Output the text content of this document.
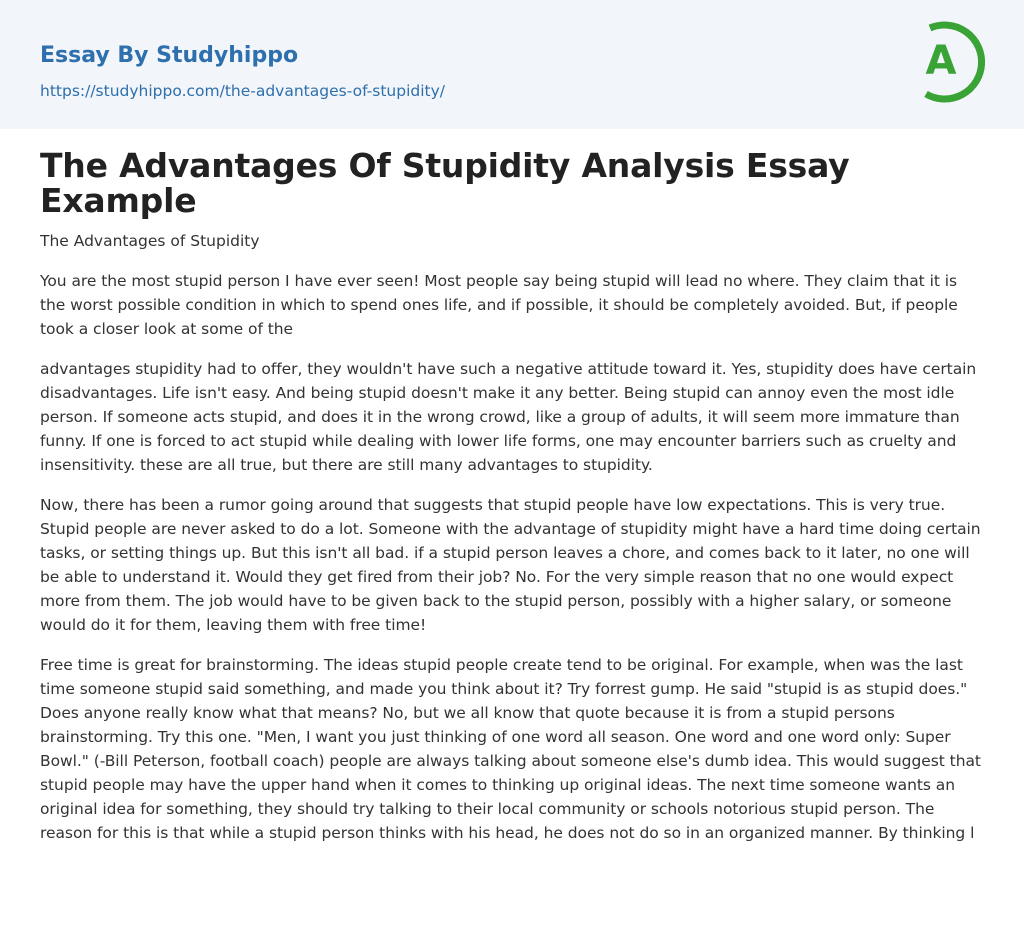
Essay By Studyhippo
https://studyhippo.com/the-advantages-of-stupidity/
A
The Advantages Of Stupidity Analysis Essay Example

The Advantages of Stupidity

You are the most stupid person I have ever seen! Most people say being stupid will lead no where. They claim that it is the worst possible condition in which to spend ones life, and if possible, it should be completely avoided. But, if people took a closer look at some of the

advantages stupidity had to offer, they wouldn't have such a negative attitude toward it. Yes, stupidity does have certain disadvantages. Life isn't easy. And being stupid doesn't make it any better. Being stupid can annoy even the most idle person. If someone acts stupid, and does it in the wrong crowd, like a group of adults, it will seem more immature than funny. If one is forced to act stupid while dealing with lower life forms, one may encounter barriers such as cruelty and insensitivity. these are all true, but there are still many advantages to stupidity.

Now, there has been a rumor going around that suggests that stupid people have low expectations. This is very true. Stupid people are never asked to do a lot. Someone with the advantage of stupidity might have a hard time doing certain tasks, or setting things up. But this isn't all bad. if a stupid person leaves a chore, and comes back to it later, no one will be able to understand it. Would they get fired from their job? No. For the very simple reason that no one would expect more from them. The job would have to be given back to the stupid person, possibly with a higher salary, or someone would do it for them, leaving them with free time!

Free time is great for brainstorming. The ideas stupid people create tend to be original. For example, when was the last time someone stupid said something, and made you think about it? Try forrest gump. He said "stupid is as stupid does." Does anyone really know what that means? No, but we all know that quote because it is from a stupid persons brainstorming. Try this one. "Men, I want you just thinking of one word all season. One word and one word only: Super Bowl." (-Bill Peterson, football coach) people are always talking about someone else's dumb idea. This would suggest that stupid people may have the upper hand when it comes to thinking up original ideas. The next time someone wants an original idea for something, they should try talking to their local community or schools notorious stupid person. The reason for this is that while a stupid person thinks with his head, he does not do so in an organized manner. By thinking l
